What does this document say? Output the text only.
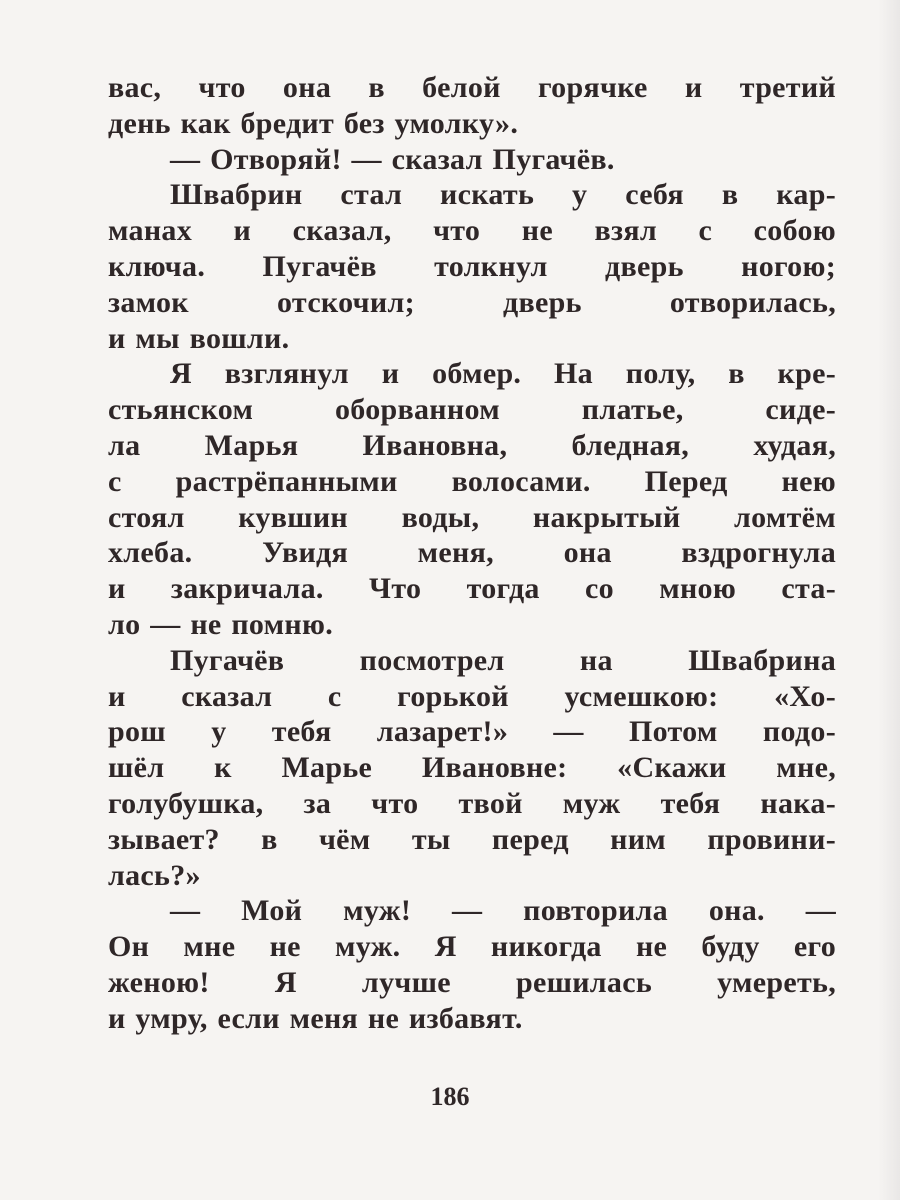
вас, что она в белой горячке и третий
день как бредит без умолку».
— Отворяй! — сказал Пугачёв.
Швабрин стал искать у себя в кар-
манах и сказал, что не взял с собою
ключа. Пугачёв толкнул дверь ногою;
замок отскочил; дверь отворилась,
и мы вошли.
Я взглянул и обмер. На полу, в кре-
стьянском оборванном платье, сиде-
ла Марья Ивановна, бледная, худая,
с растрёпанными волосами. Перед нею
стоял кувшин воды, накрытый ломтём
хлеба. Увидя меня, она вздрогнула
и закричала. Что тогда со мною ста-
ло — не помню.
Пугачёв посмотрел на Швабрина
и сказал с горькой усмешкою: «Хо-
рош у тебя лазарет!» — Потом подо-
шёл к Марье Ивановне: «Скажи мне,
голубушка, за что твой муж тебя нака-
зывает? в чём ты перед ним провини-
лась?»
— Мой муж! — повторила она. —
Он мне не муж. Я никогда не буду его
женою! Я лучше решилась умереть,
и умру, если меня не избавят.
186
